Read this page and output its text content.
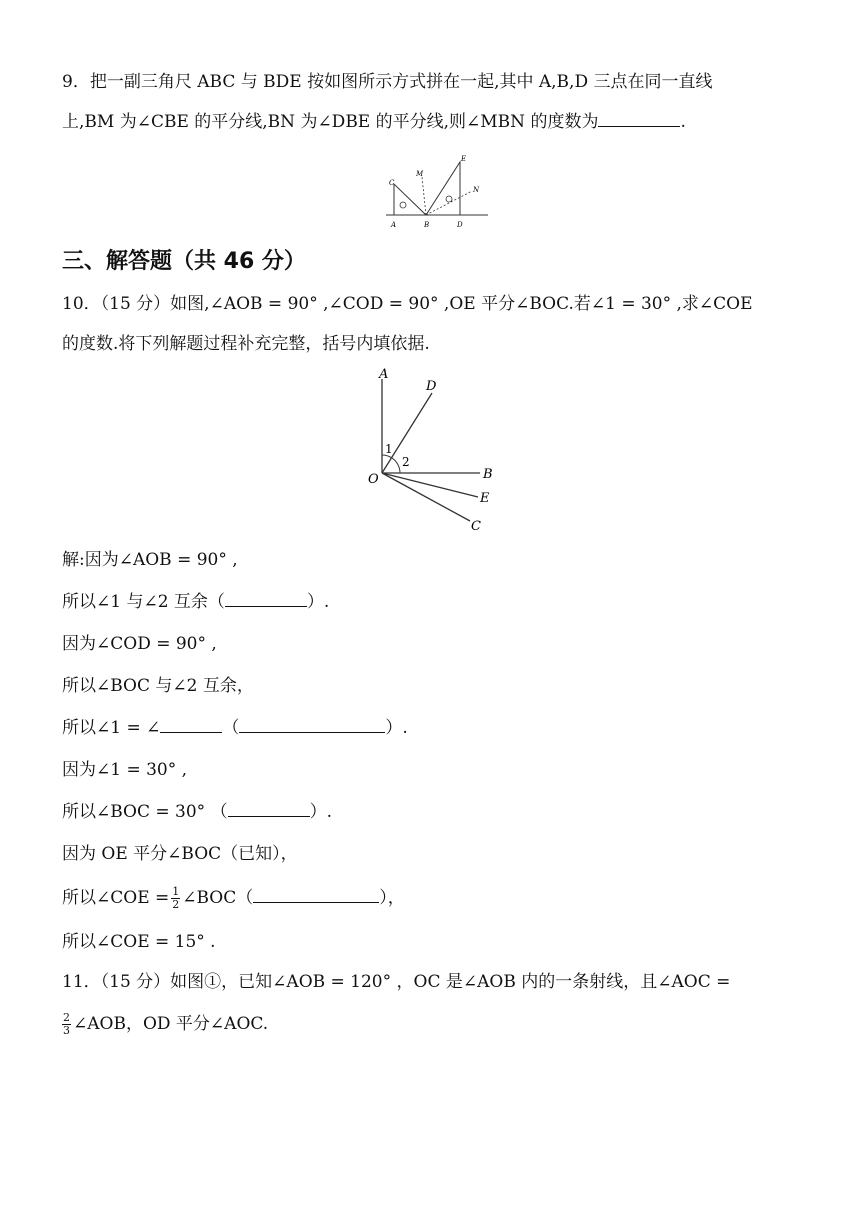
9．把一副三角尺 ABC 与 BDE 按如图所示方式拼在一起,其中 A,B,D 三点在同一直线
上,BM 为∠CBE 的平分线,BN 为∠DBE 的平分线,则∠MBN 的度数为	.
A	B
C
D
E
M
N
三、解答题（共 46 分）
10．（15 分）如图,∠AOB = 90° ,∠COD = 90° ,OE 平分∠BOC.若∠1 = 30° ,求∠COE
的度数.将下列解题过程补充完整，括号内填依据.
A
D
B
E
C
O
1
2
解:因为∠AOB = 90° ,
所以∠1 与∠2 互余（	）.
因为∠COD = 90° ,
所以∠BOC 与∠2 互余，
所以∠1 = ∠	（	）.
因为∠1 = 30° ,
所以∠BOC = 30° （	）.
因为 OE 平分∠BOC（已知），
所以∠COE = $\frac{1}{2}$ ∠BOC（	），
所以∠COE = 15° .
11．（15 分）如图①，已知∠AOB = 120° ，OC 是∠AOB 内的一条射线，且∠AOC =
$\frac{2}{3}$ ∠AOB，OD 平分∠AOC.
